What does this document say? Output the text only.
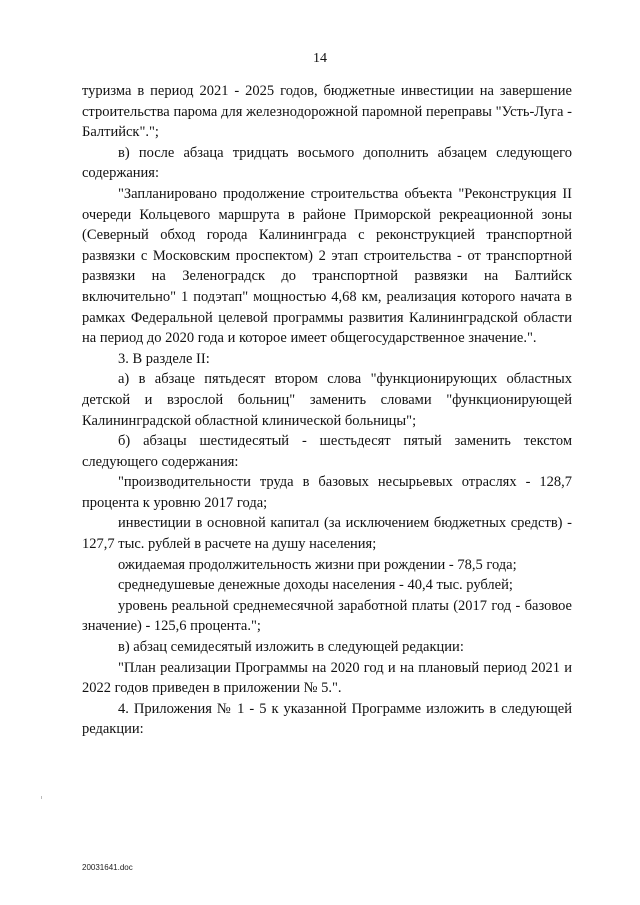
14

туризма в период 2021 - 2025 годов, бюджетные инвестиции на завершение строительства парома для железнодорожной паромной переправы "Усть-Луга - Балтийск".";

в) после абзаца тридцать восьмого дополнить абзацем следующего содержания:

"Запланировано продолжение строительства объекта "Реконструкция II очереди Кольцевого маршрута в районе Приморской рекреационной зоны (Северный обход города Калининграда с реконструкцией транспортной развязки с Московским проспектом) 2 этап строительства - от транспортной развязки на Зеленоградск до транспортной развязки на Балтийск включительно" 1 подэтап" мощностью 4,68 км, реализация которого начата в рамках Федеральной целевой программы развития Калининградской области на период до 2020 года и которое имеет общегосударственное значение.".

3. В разделе II:

а) в абзаце пятьдесят втором слова "функционирующих областных детской и взрослой больниц" заменить словами "функционирующей Калининградской областной клинической больницы";

б) абзацы шестидесятый - шестьдесят пятый заменить текстом следующего содержания:

"производительности труда в базовых несырьевых отраслях - 128,7 процента к уровню 2017 года;

инвестиции в основной капитал (за исключением бюджетных средств) - 127,7 тыс. рублей в расчете на душу населения;

ожидаемая продолжительность жизни при рождении - 78,5 года;

среднедушевые денежные доходы населения - 40,4 тыс. рублей;

уровень реальной среднемесячной заработной платы (2017 год - базовое значение) - 125,6 процента.";

в) абзац семидесятый изложить в следующей редакции:

"План реализации Программы на 2020 год и на плановый период 2021 и 2022 годов приведен в приложении № 5.".

4. Приложения № 1 - 5 к указанной Программе изложить в следующей редакции:

20031641.doc
